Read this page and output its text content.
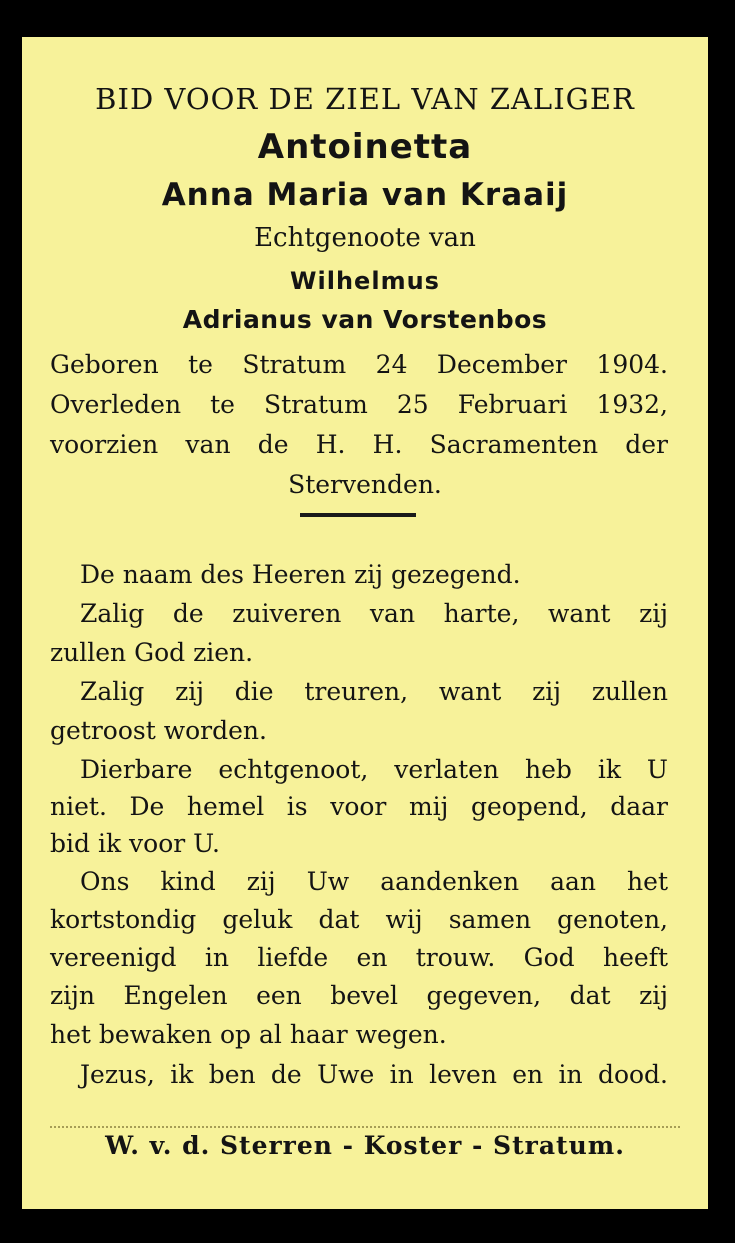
BID VOOR DE ZIEL VAN ZALIGER
Antoinetta
Anna Maria van Kraaij
Echtgenoote van
Wilhelmus
Adrianus van Vorstenbos
Geboren te Stratum 24 December 1904.
Overleden te Stratum 25 Februari 1932,
voorzien van de H. H. Sacramenten der
Stervenden.
De naam des Heeren zij gezegend.
Zalig de zuiveren van harte, want zij
zullen God zien.
Zalig zij die treuren, want zij zullen
getroost worden.
Dierbare echtgenoot, verlaten heb ik U
niet. De hemel is voor mij geopend, daar
bid ik voor U.
Ons kind zij Uw aandenken aan het
kortstondig geluk dat wij samen genoten,
vereenigd in liefde en trouw. God heeft
zijn Engelen een bevel gegeven, dat zij
het bewaken op al haar wegen.
Jezus, ik ben de Uwe in leven en in dood.
W. v. d. Sterren - Koster - Stratum.
